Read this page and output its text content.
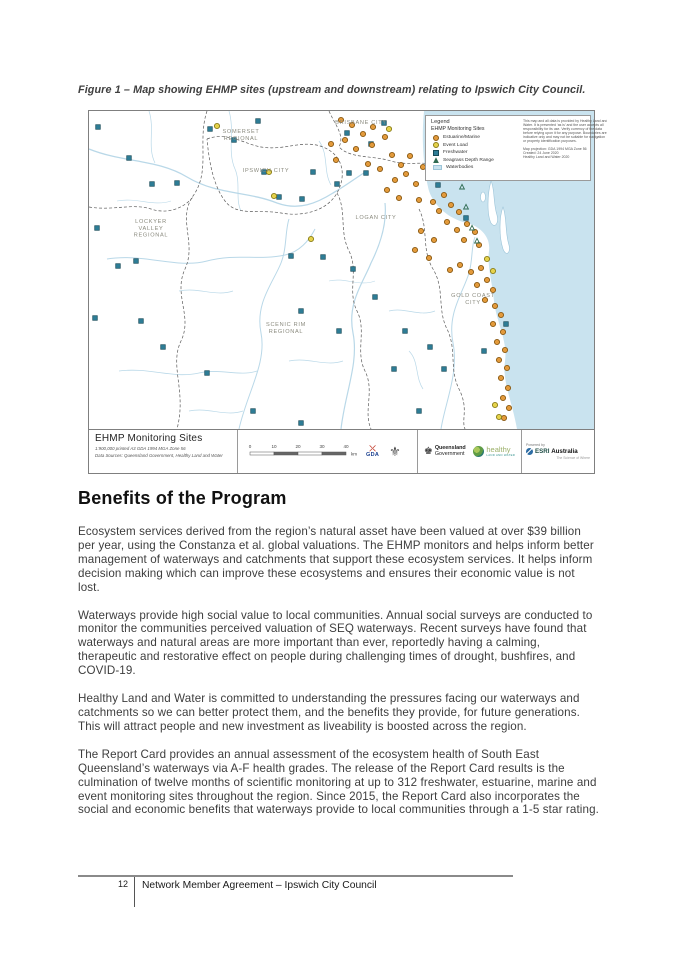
Figure 1 – Map showing EHMP sites (upstream and downstream) relating to Ipswich City Council.
SOMERSET
REGIONAL
BRISBANE CITY
IPSWICH CITY
LOCKYER
VALLEY
REGIONAL
LOGAN CITY
SCENIC RIM
REGIONAL
GOLD COAST
CITY
Legend
EHMP Monitoring Sites
Estuarine/Marine
Event Load
Freshwater
Seagrass Depth Range
Waterbodies
This map and all data is provided by Healthy Land and
Water. It is presented ‘as is’ and the user accepts all
responsibility for its use. Verify currency of the data
before relying upon it for any purpose. Boundaries are
indicative only and may not be suitable for navigation
or property identification purposes.
Map projection: GDA 1994 MGA Zone 56
Created: 24 June 2020
Healthy Land and Water 2020
EHMP Monitoring Sites
1:900,000 printed A3 GDA 1994 MGA Zone 56
Data Sources: Queensland Government, Healthy Land and Water
0	10	20	30	40
km
⤫
GDA ⚜ ♚ Queensland
Government	healthy
LAND AND WATER
Powered by
ESRI Australia
The Science of Where
Benefits of the Program

Ecosystem services derived from the region’s natural asset have been valued at over $39 billion per year, using the Constanza et al. global valuations. The EHMP monitors and helps inform better management of waterways and catchments that support these ecosystem services. It helps inform decision making which can improve these ecosystems and ensures their economic value is not lost.

Waterways provide high social value to local communities. Annual social surveys are conducted to monitor the communities perceived valuation of SEQ waterways. Recent surveys have found that waterways and natural areas are more important than ever, reportedly having a calming, therapeutic and restorative effect on people during challenging times of drought, bushfires, and COVID-19.

Healthy Land and Water is committed to understanding the pressures facing our waterways and catchments so we can better protect them, and the benefits they provide, for future generations. This will attract people and new investment as liveability is boosted across the region.

The Report Card provides an annual assessment of the ecosystem health of South East Queensland’s waterways via A-F health grades. The release of the Report Card results is the culmination of twelve months of scientific monitoring at up to 312 freshwater, estuarine, marine and event monitoring sites throughout the region. Since 2015, the Report Card also incorporates the social and economic benefits that waterways provide to local communities through a 1-5 star rating.

12 Network Member Agreement – Ipswich City Council
